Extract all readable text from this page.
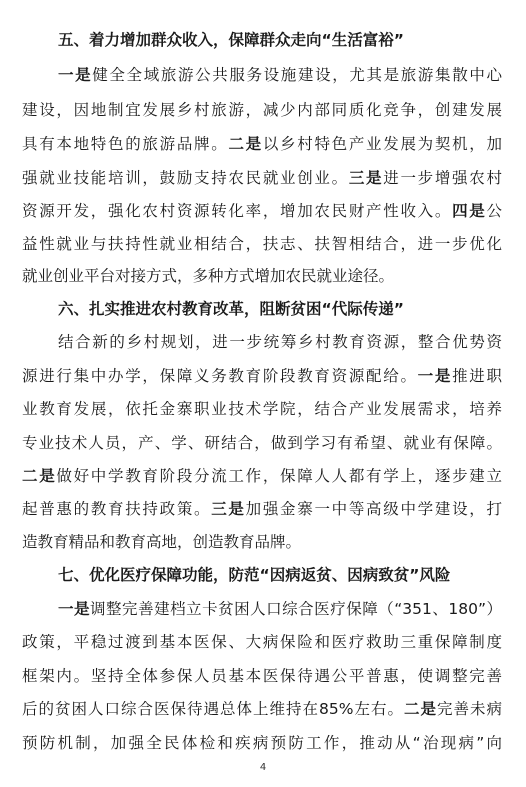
五、着力增加群众收入，保障群众走向“生活富裕”
一是健全全域旅游公共服务设施建设，尤其是旅游集散中心
建设，因地制宜发展乡村旅游，减少内部同质化竞争，创建发展
具有本地特色的旅游品牌。二是以乡村特色产业发展为契机，加
强就业技能培训，鼓励支持农民就业创业。三是进一步增强农村
资源开发，强化农村资源转化率，增加农民财产性收入。四是公
益性就业与扶持性就业相结合，扶志、扶智相结合，进一步优化
就业创业平台对接方式，多种方式增加农民就业途径。
六、扎实推进农村教育改革，阻断贫困“代际传递”
结合新的乡村规划，进一步统筹乡村教育资源，整合优势资
源进行集中办学，保障义务教育阶段教育资源配给。一是推进职
业教育发展，依托金寨职业技术学院，结合产业发展需求，培养
专业技术人员，产、学、研结合，做到学习有希望、就业有保障。
二是做好中学教育阶段分流工作，保障人人都有学上，逐步建立
起普惠的教育扶持政策。三是加强金寨一中等高级中学建设，打
造教育精品和教育高地，创造教育品牌。
七、优化医疗保障功能，防范“因病返贫、因病致贫”风险
一是调整完善建档立卡贫困人口综合医疗保障（“351、180”）
政策，平稳过渡到基本医保、大病保险和医疗救助三重保障制度
框架内。坚持全体参保人员基本医保待遇公平普惠，使调整完善
后的贫困人口综合医保待遇总体上维持在85%左右。二是完善未病
预防机制，加强全民体检和疾病预防工作，推动从“治现病”向
4
